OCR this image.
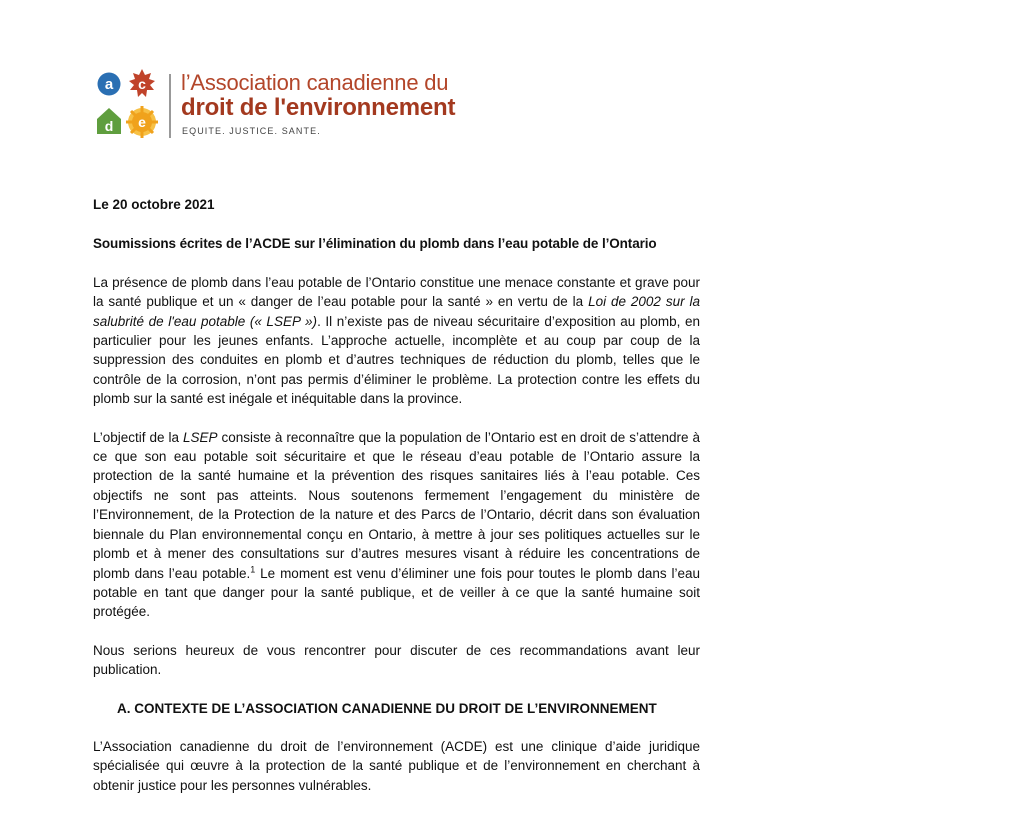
a c
d e
l’Association canadienne du
droit de l'environnement
EQUITE. JUSTICE. SANTE.
Le 20 octobre 2021
Soumissions écrites de l’ACDE sur l’élimination du plomb dans l’eau potable de l’Ontario

La présence de plomb dans l’eau potable de l’Ontario constitue une menace constante et grave pour la santé publique et un « danger de l’eau potable pour la santé » en vertu de la Loi de 2002 sur la salubrité de l'eau potable (« LSEP »). Il n’existe pas de niveau sécuritaire d’exposition au plomb, en particulier pour les jeunes enfants. L’approche actuelle, incomplète et au coup par coup de la suppression des conduites en plomb et d’autres techniques de réduction du plomb, telles que le contrôle de la corrosion, n’ont pas permis d’éliminer le problème. La protection contre les effets du plomb sur la santé est inégale et inéquitable dans la province.

L’objectif de la LSEP consiste à reconnaître que la population de l’Ontario est en droit de s’attendre à ce que son eau potable soit sécuritaire et que le réseau d’eau potable de l’Ontario assure la protection de la santé humaine et la prévention des risques sanitaires liés à l’eau potable. Ces objectifs ne sont pas atteints. Nous soutenons fermement l’engagement du ministère de l’Environnement, de la Protection de la nature et des Parcs de l’Ontario, décrit dans son évaluation biennale du Plan environnemental conçu en Ontario, à mettre à jour ses politiques actuelles sur le plomb et à mener des consultations sur d’autres mesures visant à réduire les concentrations de plomb dans l’eau potable.$^1$ Le moment est venu d’éliminer une fois pour toutes le plomb dans l’eau potable en tant que danger pour la santé publique, et de veiller à ce que la santé humaine soit protégée.

Nous serions heureux de vous rencontrer pour discuter de ces recommandations avant leur publication.

A. CONTEXTE DE L’ASSOCIATION CANADIENNE DU DROIT DE L’ENVIRONNEMENT

L’Association canadienne du droit de l’environnement (ACDE) est une clinique d’aide juridique spécialisée qui œuvre à la protection de la santé publique et de l’environnement en cherchant à obtenir justice pour les personnes vulnérables.
